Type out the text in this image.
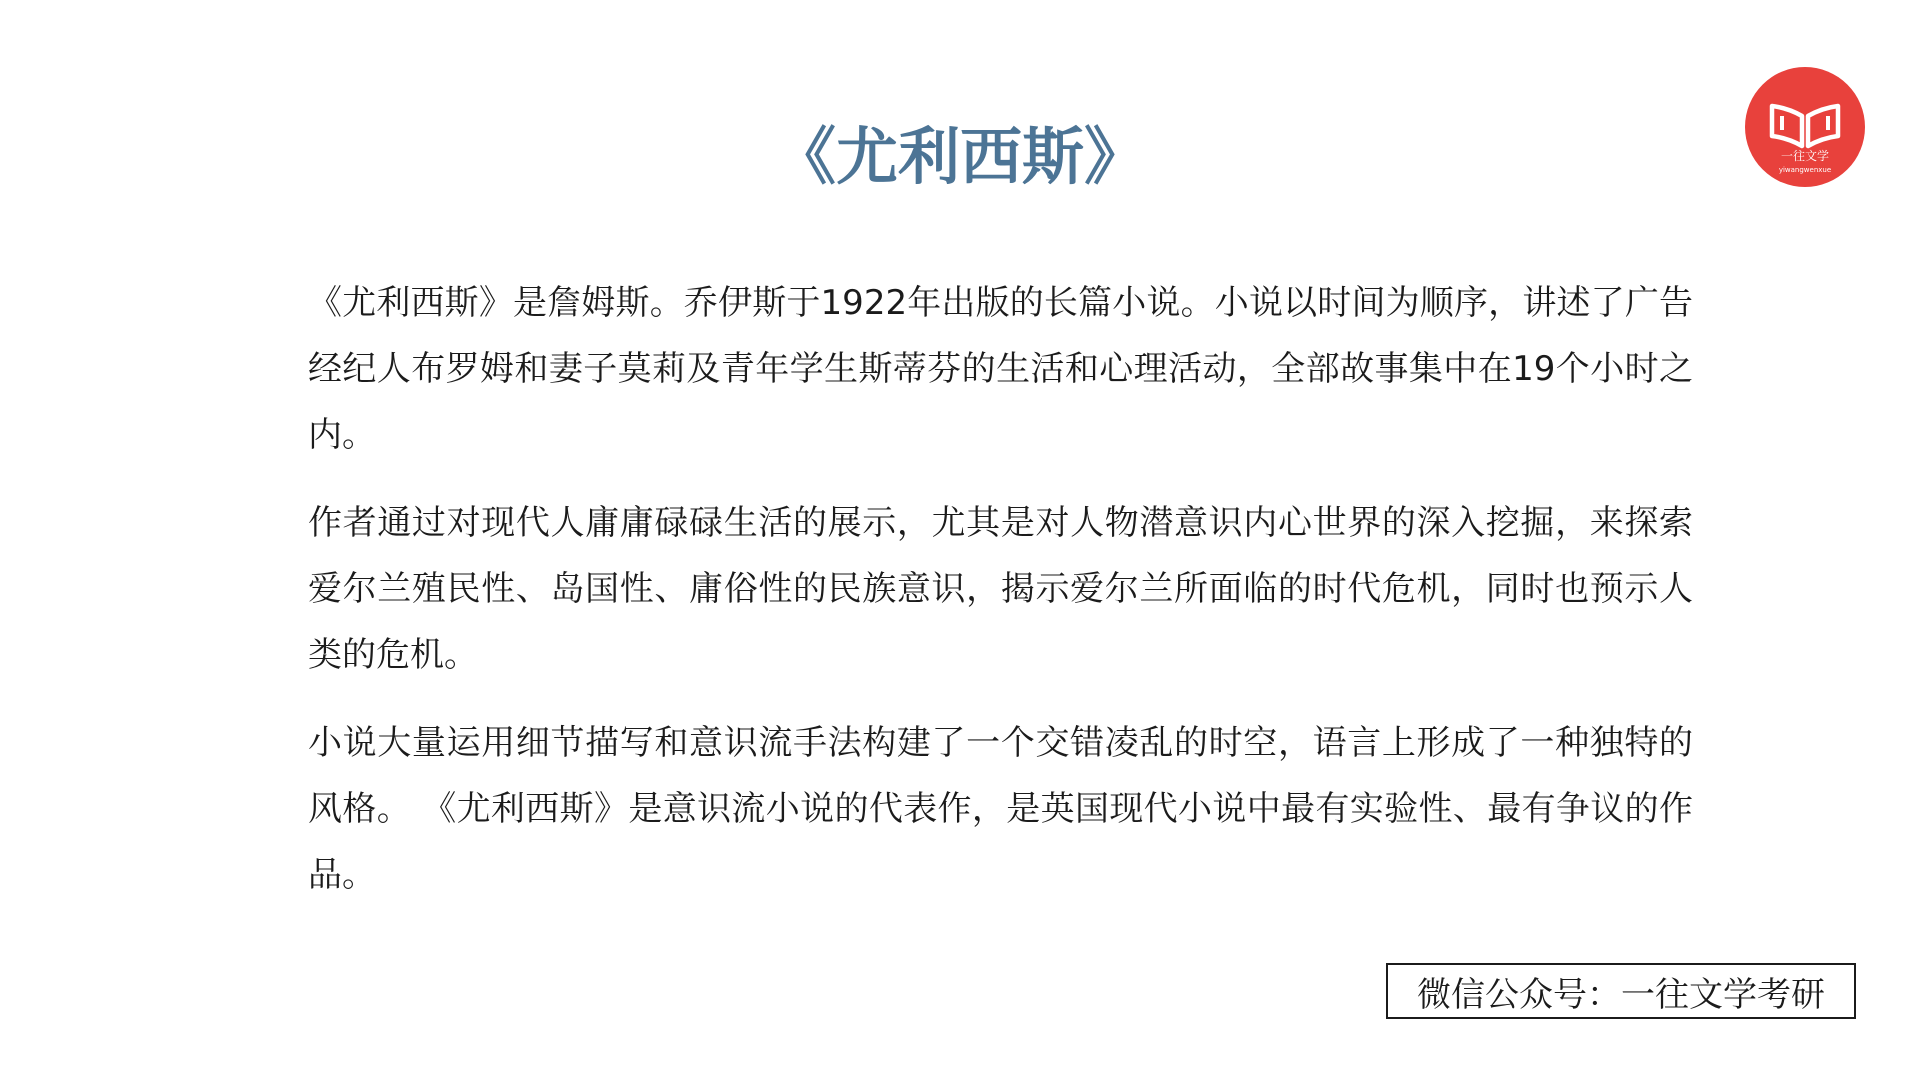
《尤利西斯》	一往文学
yiwangwenxue

《尤利西斯》是詹姆斯。乔伊斯于1922年出版的长篇小说。小说以时间为顺序，讲述了广告经纪人布罗姆和妻子莫莉及青年学生斯蒂芬的生活和心理活动，全部故事集中在19个小时之内。

作者通过对现代人庸庸碌碌生活的展示，尤其是对人物潜意识内心世界的深入挖掘，来探索爱尔兰殖民性、岛国性、庸俗性的民族意识，揭示爱尔兰所面临的时代危机，同时也预示人类的危机。

小说大量运用细节描写和意识流手法构建了一个交错凌乱的时空，语言上形成了一种独特的风格。 《尤利西斯》是意识流小说的代表作，是英国现代小说中最有实验性、最有争议的作品。

微信公众号：一往文学考研
